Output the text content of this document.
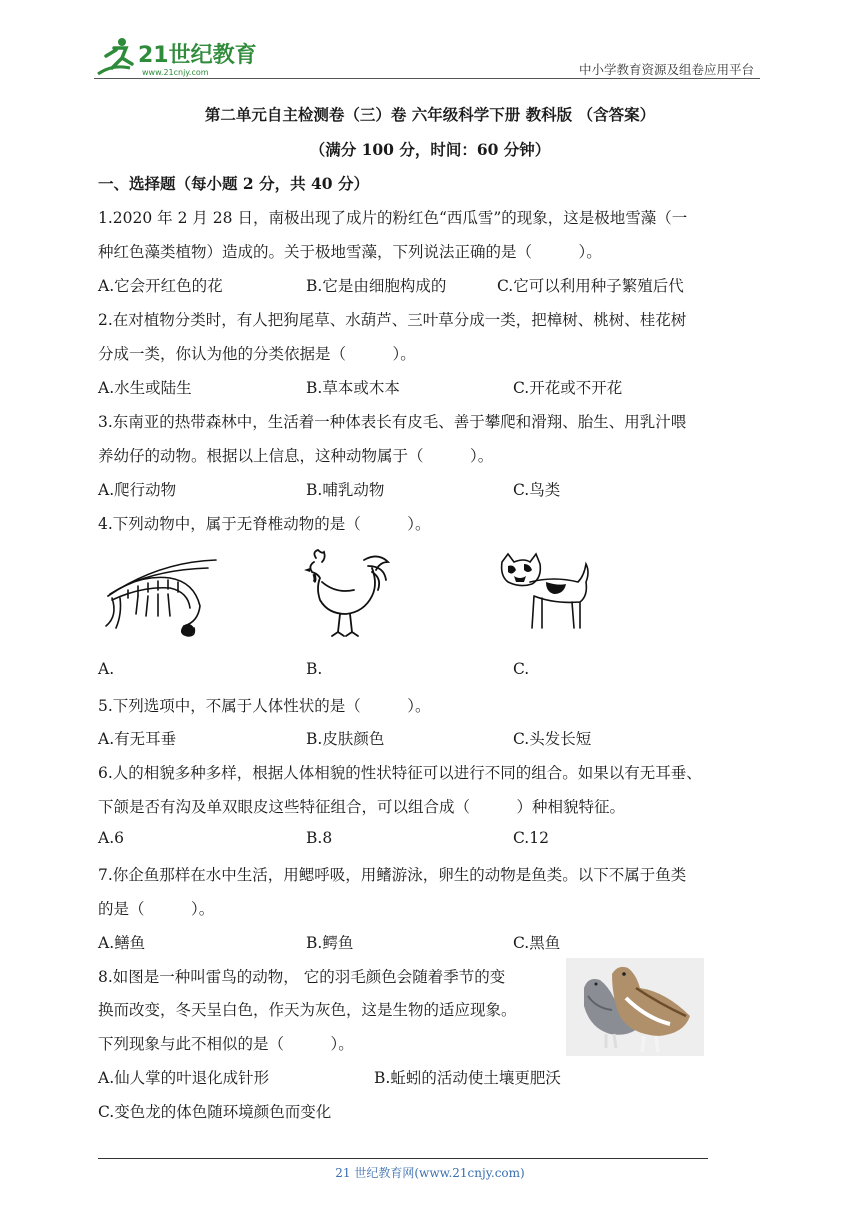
21世纪教育
www.21cnjy.com	中小学教育资源及组卷应用平台
第二单元自主检测卷（三）卷 六年级科学下册 教科版 （含答案）
（满分 100 分，时间：60 分钟）
一、选择题（每小题 2 分，共 40 分）
1.2020 年 2 月 28 日，南极出现了成片的粉红色“西瓜雪”的现象，这是极地雪藻（一
种红色藻类植物）造成的。关于极地雪藻，下列说法正确的是（　　　）。
A.它会开红色的花	B.它是由细胞构成的	C.它可以利用种子繁殖后代
2.在对植物分类时，有人把狗尾草、水葫芦、三叶草分成一类，把樟树、桃树、桂花树
分成一类，你认为他的分类依据是（　　　）。
A.水生或陆生	B.草本或木本	C.开花或不开花
3.东南亚的热带森林中，生活着一种体表长有皮毛、善于攀爬和滑翔、胎生、用乳汁喂
养幼仔的动物。根据以上信息，这种动物属于（　　　）。
A.爬行动物	B.哺乳动物	C.鸟类
4.下列动物中，属于无脊椎动物的是（　　　）。
A.	B.	C.
5.下列选项中，不属于人体性状的是（　　　）。
A.有无耳垂	B.皮肤颜色	C.头发长短
6.人的相貌多种多样，根据人体相貌的性状特征可以进行不同的组合。如果以有无耳垂、
下颌是否有沟及单双眼皮这些特征组合，可以组合成（　　　）种相貌特征。
A.6	B.8	C.12
7.你企鱼那样在水中生活，用鳃呼吸，用鳍游泳，卵生的动物是鱼类。以下不属于鱼类
的是（　　　）。
A.鳝鱼	B.鳄鱼	C.黑鱼
8.如图是一种叫雷鸟的动物， 它的羽毛颜色会随着季节的变
换而改变，冬天呈白色，作天为灰色，这是生物的适应现象。
下列现象与此不相似的是（　　　）。
A.仙人掌的叶退化成针形	B.蚯蚓的活动使土壤更肥沃
C.变色龙的体色随环境颜色而变化
21 世纪教育网(www.21cnjy.com)
